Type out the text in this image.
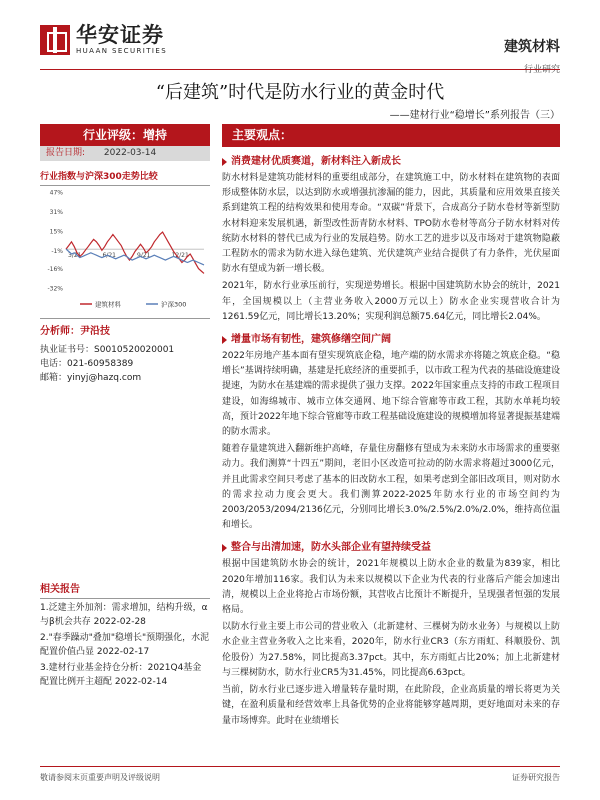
华安证券
HUAAN SECURITIES	建筑材料
行业研究
“后建筑”时代是防水行业的黄金时代
——建材行业“稳增长”系列报告（三）
行业评级：增持
报告日期: 2022-03-14
行业指数与沪深300走势比较
47%
31%
15%
-1%
-16%
-32%
3/21	6/21	9/21	12/21
建筑材料	沪深300
分析师：尹沿技
执业证书号：S0010520020001
电话：021-60958389
邮箱：yinyj@hazq.com
相关报告
1.泛建主外加剂：需求增加，结构升级，α与β机会共存 2022-02-28
2."春季躁动"叠加"稳增长"预期强化，水泥配置价值凸显 2022-02-17
3.建材行业基金持仓分析：2021Q4基金配置比例开主超配 2022-02-14
主要观点：
消费建材优质赛道，新材料注入新成长

防水材料是建筑功能材料的重要组成部分，在建筑施工中，防水材料在建筑物的表面形成整体防水层，以达到防水或增强抗渗漏的能力，因此，其质量和应用效果直接关系到建筑工程的结构效果和使用寿命。“双碳”背景下，合成高分子防水卷材等新型防水材料迎来发展机遇，新型改性沥青防水材料、TPO防水卷材等高分子防水材料对传统防水材料的替代已成为行业的发展趋势。防水工艺的进步以及市场对于建筑物隐蔽工程防水的需求为防水进入绿色建筑、光伏建筑产业结合提供了有力条件，光伏屋面防水有望成为新一增长极。

2021年，防水行业承压前行，实现逆势增长。根据中国建筑防水协会的统计，2021年，全国规模以上（主营业务收入2000万元以上）防水企业实现营收合计为1261.59亿元，同比增长13.20%；实现利润总额75.64亿元，同比增长2.04%。

增量市场有韧性，建筑修缮空间广阔

2022年房地产基本面有望实现筑底企稳，地产端的防水需求亦将随之筑底企稳。“稳增长”基调持续明确，基建是托底经济的重要抓手，以市政工程为代表的基础设施建设提速，为防水在基建端的需求提供了强力支撑。2022年国家重点支持的市政工程项目建设，如海绵城市、城市立体交通网、地下综合管廊等市政工程，其防水单耗均较高，预计2022年地下综合管廊等市政工程基础设施建设的规模增加将显著提振基建端的防水需求。

随着存量建筑进入翻新维护高峰，存量住房翻修有望成为未来防水市场需求的重要驱动力。我们测算“十四五”期间，老旧小区改造可拉动的防水需求将超过3000亿元，并且此需求空间只考虑了基本的旧改防水工程，如果考虑到全部旧改项目，则对防水的需求拉动力度会更大。我们测算2022-2025年防水行业的市场空间约为2003/2053/2094/2136亿元，分别同比增长3.0%/2.5%/2.0%/2.0%，维持高位温和增长。

整合与出清加速，防水头部企业有望持续受益

根据中国建筑防水协会的统计，2021年规模以上防水企业的数量为839家，相比2020年增加116家。我们认为未来以规模以下企业为代表的行业落后产能会加速出清，规模以上企业将抢占市场份额，其营收占比预计不断提升，呈现强者恒强的发展格局。

以防水行业主要上市公司的营业收入（北新建材、三棵树为防水业务）与规模以上防水企业主营业务收入之比来看，2020年，防水行业CR3（东方雨虹、科顺股份、凯伦股份）为27.58%，同比提高3.37pct。其中，东方雨虹占比20%；加上北新建材与三棵树防水，防水行业CR5为31.45%，同比提高6.63pct。

当前，防水行业已逐步进入增量转存量时期，在此阶段，企业高质量的增长将更为关键，在盈利质量和经营效率上具备优势的企业将能够穿越周期，更好地面对未来的存量市场博弈。此时在业绩增长

敬请参阅末页重要声明及评级说明	证券研究报告
